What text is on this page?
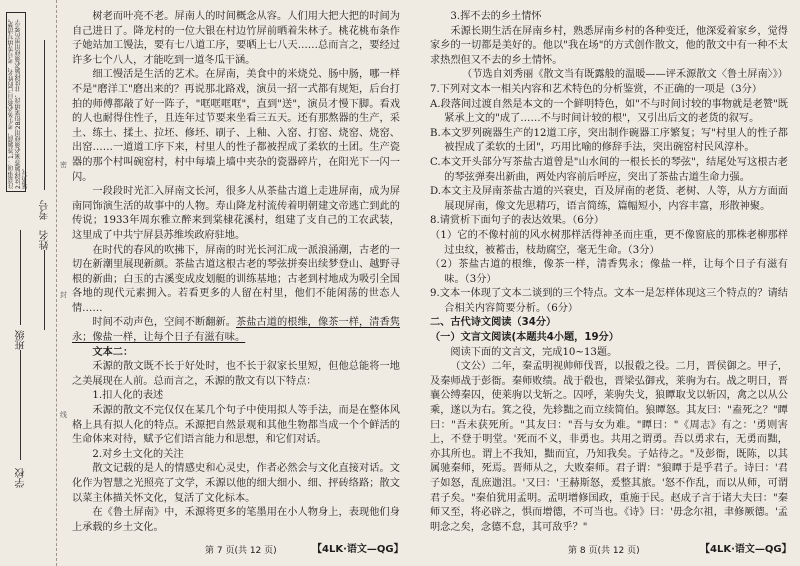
注意事项：1.答题前，考生务必将自己的姓名、考号等填写清楚。2.选择题答案必须使用2B铅笔填涂，非选择题必须使用黑色签字笔书写。
学校
班级
姓名
考号
密
封
线

树老而叶亮不老。屏南人的时间概念从容。人们用大把大把的时间为自己进日了。降龙村的一位大银在村边竹屏前晒着朱林子。桃花桃布条作子她站加工馒法，要有七八道工序，要晒上七八天……总而言之，要经过许多七个八人，才能吃到一道冬瓜干涵。

细工慢活是生活的艺术。在屏南，美食中的米烧兑、肠中肠，哪一样不是"磨洋工"磨出来的？再说那北路戏，演员一招一式都有规矩，后台打拍的师傅都敲了好一阵子，"哐哐哐哐"，直到"送"，演员才慢下脚。看戏的人也耐得住性子，且连年过节要来坐看三五天。还有那熬器的生产，采土、练土、揉土、拉坯、修坯、刷子、上釉、入窑、打窑、烧窑、烧窑、出窑……一道道工序下来，村里人的性子都被捏成了柔软的土团。生产瓷器的那个村叫碗窑村，村中每墙上墙中夹杂的瓷器碎片，在阳光下一闪一闪。

一段段时光汇入屏南文长河，很多人从茶盐古道上走进屏南，成为屏南同饰演生活的故事中的人物。寿山降龙村流传着明朝建文帝逃亡到此的传说；1933年周东雅立醉来到棠棣花溪村，组建了支自己的工农武装，这里成了中共宁屏县苏维埃政府驻地。

在时代的春风的吹拂下，屏南的时光长河汇成一派浪涌潮，古老的一切在新潮里展现新颜。茶盐古道这根古老的琴弦拼奏出续梦登山、越野寻根的新曲；白玉的古溪变成皮划艇的训练基地；古老到村地成为吸引全国各地的现代元素拥入。若看更多的人留在村里，他们不能闲荡的世态人情……

时间不动声色，空间不断翻新。茶盐古道的根维，像茶一样，清香隽永；像盐一样，让每个日子有滋有味。

文本二：

禾源的散文既不长于好处时，也不长于叙家长里短，但他总能将一地之美展现在人前。总而言之，禾源的散文有以下特点：

1.扣人化的表述

禾源的散文不完仅仅在某几个句子中使用拟人等手法，而是在整体风格上具有拟人化的特点。禾源把自然景观和其他生物都当成一个个鲜活的生命体来对待，赋予它们语言能力和思想，和它们对话。

2.对乡土文化的关注

散文记载的是人的情感史和心灵史，作者必然会与文化直接对话。文化作为智慧之光照亮了文学，禾源以他的细大细小、细、抨砖络路；散文以菜主体描关怀文化，复活了文化标本。

在《鲁土屏南》中，禾源将更多的笔墨用在小人物身上，表现他们身上承载的乡土文化。

第 7 页(共 12 页)	【4LK·语文—QG】

3.挥不去的乡土情怀

禾源长期生活在屏南乡村，熟悉屏南乡村的各种变迁，他深爱着家乡，觉得家乡的一切都是美好的。他以"我在场"的方式创作散文，他的散文中有一种不太求热烈但又不去的乡土情怀。

（节选自刘秀丽《散文当有既露般的温暖——评禾源散文〈鲁土屏南〉》）

7.下列对文本一相关内容和艺术特色的分析鉴赏，不正确的一项是（3分）

A.段落间过渡自然是本文的一个鲜明特色，如"不与时间讨较的事物就是老赞"既紧承上文的"成了……不与时间计较的根"，又引出后文的老货的叙写。

B.本文罗列碗器生产的12道工序，突出制作碗器工序繁复；写"村里人的性子都被捏成了柔软的土团"，巧用比喻的修辞手法，突出碗窑村民风淳朴。

C.本文开头部分写茶盐古道曾是"山水间的一根长长的琴弦"，结尾处写这根古老的琴弦弹奏出新曲，两处内容前后呼应，突出了茶盐古道生命力强。

D.本文主及屏南茶盐古道的兴衰史，百及屏南的老货、老树、人等，从方方面面展现屏南，像文先思精巧，语言简练，篇幅短小，内容丰富，形散神聚。

8.请赏析下面句子的表达效果。（6分）

（1）它的不像村前的风水树那样活得神圣而庄重，更不像窗底的那株老柳那样过虫纹，被蓄击，枝劫腐空，毫无生命。（3分）

（2）茶盐古道的根维，像茶一样，清香隽永；像盐一样，让每个日子有滋有味。（3分）

9.文本一体现了文本二谈到的三个特点。文本一是怎样体现这三个特点的？请结合相关内容简要分析。（6分）

二、古代诗文阅读（34分）

（一）文言文阅读(本题共4小题，19分）

阅读下面的文言文，完成10~13题。

（文公）二年，秦孟明视帅师伐晋，以报殽之役。二月，晋侯御之。甲子，及秦师战于彭衙。秦师败绩。战于殽也，晋梁弘御戎，莱驹为右。战之明日，晋襄公缚秦囚，使莱驹以戈斩之。囚呼，莱驹失戈，狼瞫取戈以斩囚，禽之以从公乘，遂以为右。箕之役，先轸黜之而立续简伯。狼瞫怒。其友曰："盍死之？"瞫曰："吾未获死所。"其友曰："吾与女为难。"瞫曰："《周志》有之：'勇则害上，不登于明堂。'死而不义，非勇也。共用之谓勇。吾以勇求右，无勇而黜，亦其所也。谓上不我知，黜而宜，乃知我矣。子姑待之。"及彭衙，既陈，以其属驰秦师，死焉。晋师从之，大败秦师。君子谓："狼瞫于是乎君子。诗曰：'君子如怒，乱庶遄沮。'又曰：'王赫斯怒，爰整其旅。'怒不作乱，而以从师，可谓君子矣。"秦伯犹用孟明。孟明增修国政，重施于民。赵成子言于诸大夫曰："秦师又至，将必辟之，惧而增德，不可当也。《诗》曰：'毋念尔祖，聿修厥德。'孟明念之矣，念德不怠，其可敌乎？"

第 8 页(共 12 页)	【4LK·语文—QG】
